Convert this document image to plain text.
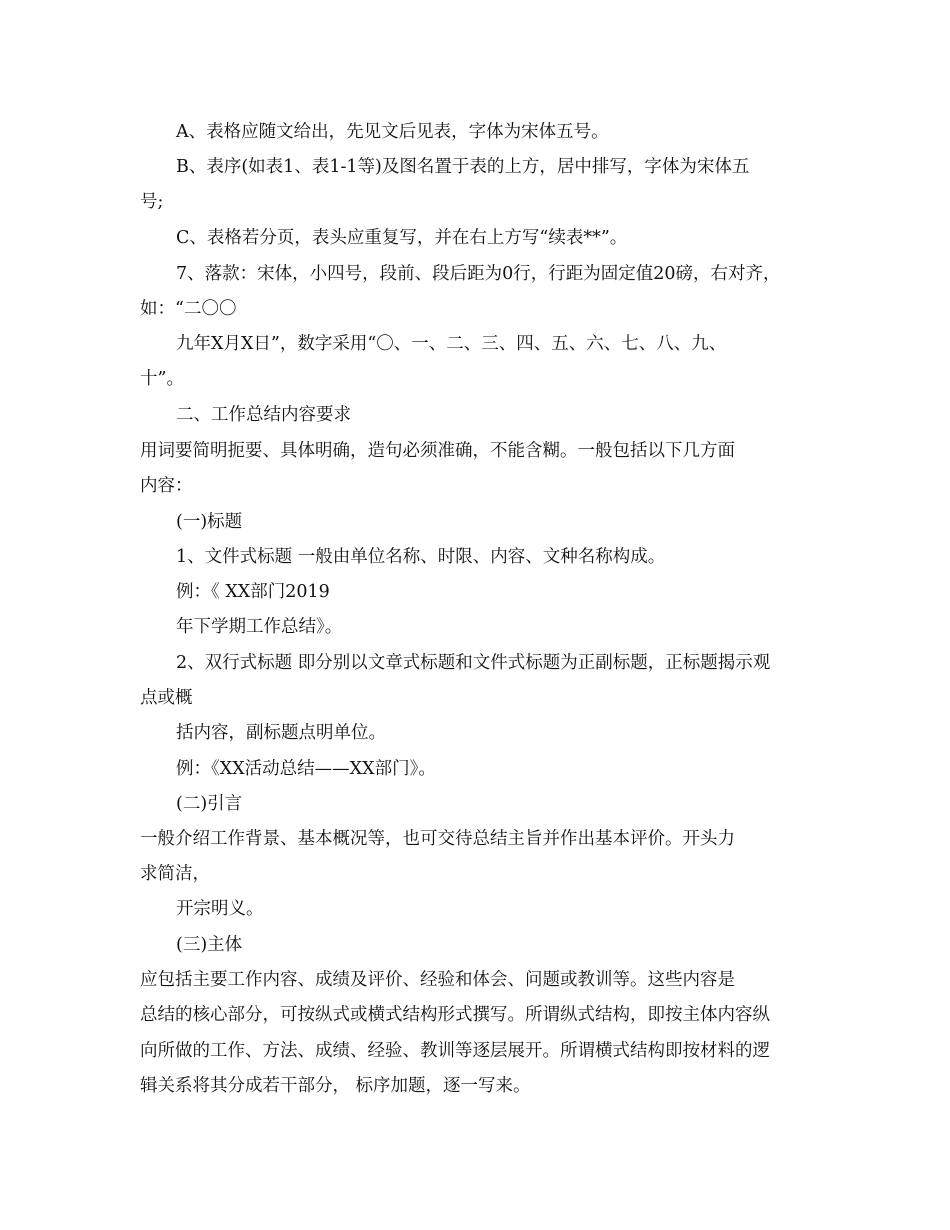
A、表格应随文给出，先见文后见表，字体为宋体五号。

B、表序(如表1、表1-1等)及图名置于表的上方，居中排写，字体为宋体五

号;

C、表格若分页，表头应重复写，并在右上方写“续表**”。

7、落款：宋体，小四号，段前、段后距为0行，行距为固定值20磅，右对齐，

如：“二〇〇

九年X月X日”，数字采用“〇、一、二、三、四、五、六、七、八、九、

十”。

二、工作总结内容要求

用词要简明扼要、具体明确，造句必须准确，不能含糊。一般包括以下几方面

内容：

(一)标题

1、文件式标题 一般由单位名称、时限、内容、文种名称构成。

例：《 XX部门2019

年下学期工作总结》。

2、双行式标题 即分别以文章式标题和文件式标题为正副标题，正标题揭示观

点或概

括内容，副标题点明单位。

例：《XX活动总结——XX部门》。

(二)引言

一般介绍工作背景、基本概况等，也可交待总结主旨并作出基本评价。开头力

求简洁，

开宗明义。

(三)主体

应包括主要工作内容、成绩及评价、经验和体会、问题或教训等。这些内容是

总结的核心部分，可按纵式或横式结构形式撰写。所谓纵式结构，即按主体内容纵

向所做的工作、方法、成绩、经验、教训等逐层展开。所谓横式结构即按材料的逻

辑关系将其分成若干部分， 标序加题，逐一写来。
